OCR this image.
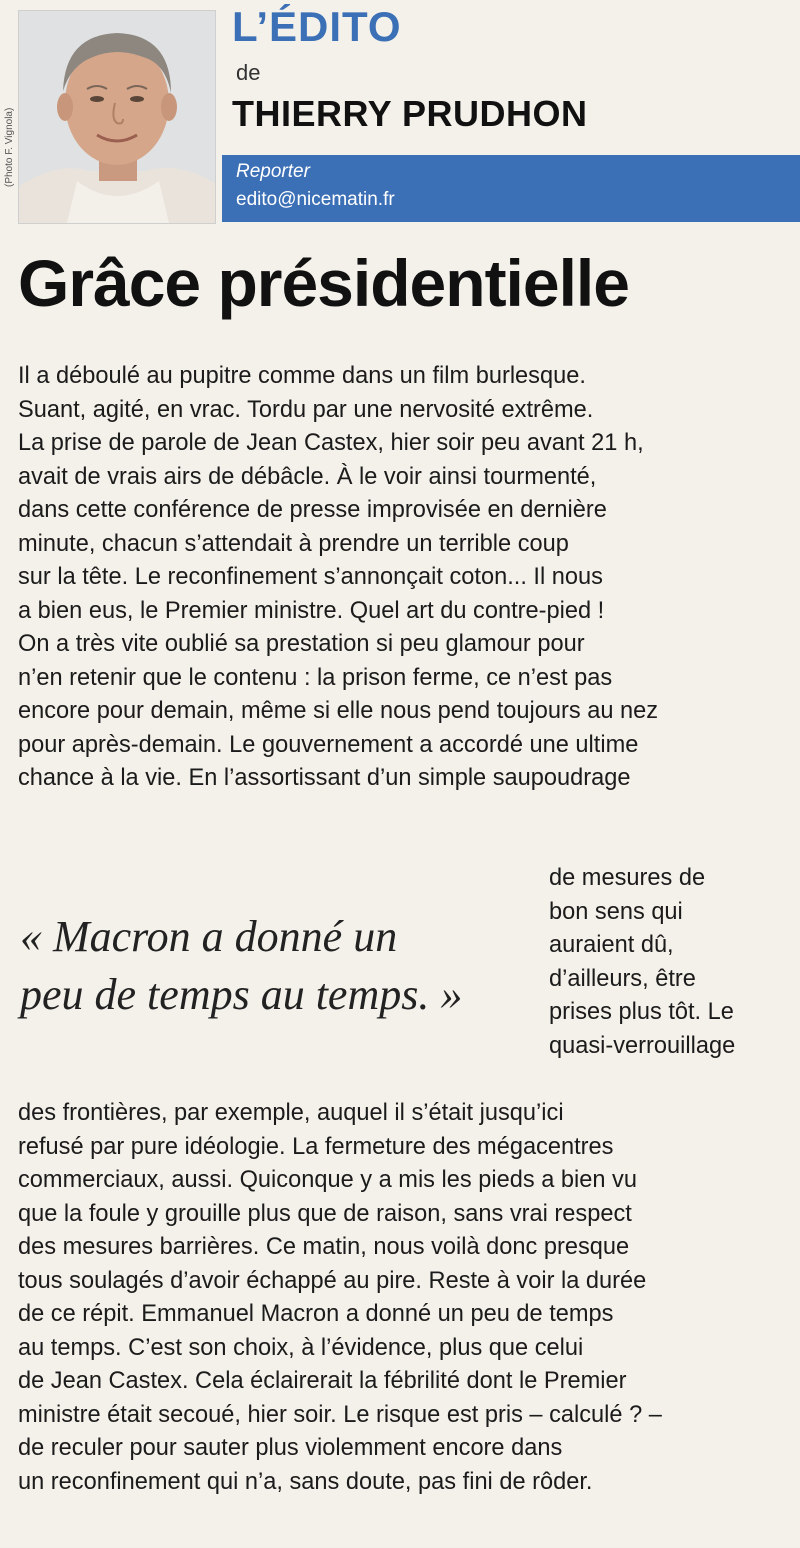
(Photo F. Vignola)
L’ÉDITO
de
THIERRY PRUDHON
Reporter
edito@nicematin.fr
Grâce présidentielle
Il a déboulé au pupitre comme dans un film burlesque.
Suant, agité, en vrac. Tordu par une nervosité extrême.
La prise de parole de Jean Castex, hier soir peu avant 21 h,
avait de vrais airs de débâcle. À le voir ainsi tourmenté,
dans cette conférence de presse improvisée en dernière
minute, chacun s’attendait à prendre un terrible coup
sur la tête. Le reconfinement s’annonçait coton... Il nous
a bien eus, le Premier ministre. Quel art du contre-pied !
On a très vite oublié sa prestation si peu glamour pour
n’en retenir que le contenu : la prison ferme, ce n’est pas
encore pour demain, même si elle nous pend toujours au nez
pour après-demain. Le gouvernement a accordé une ultime
chance à la vie. En l’assortissant d’un simple saupoudrage
« Macron a donné un
peu de temps au temps. »
de mesures de
bon sens qui
auraient dû,
d’ailleurs, être
prises plus tôt. Le
quasi-verrouillage
des frontières, par exemple, auquel il s’était jusqu’ici
refusé par pure idéologie. La fermeture des mégacentres
commerciaux, aussi. Quiconque y a mis les pieds a bien vu
que la foule y grouille plus que de raison, sans vrai respect
des mesures barrières. Ce matin, nous voilà donc presque
tous soulagés d’avoir échappé au pire. Reste à voir la durée
de ce répit. Emmanuel Macron a donné un peu de temps
au temps. C’est son choix, à l’évidence, plus que celui
de Jean Castex. Cela éclairerait la fébrilité dont le Premier
ministre était secoué, hier soir. Le risque est pris – calculé ? –
de reculer pour sauter plus violemment encore dans
un reconfinement qui n’a, sans doute, pas fini de rôder.
